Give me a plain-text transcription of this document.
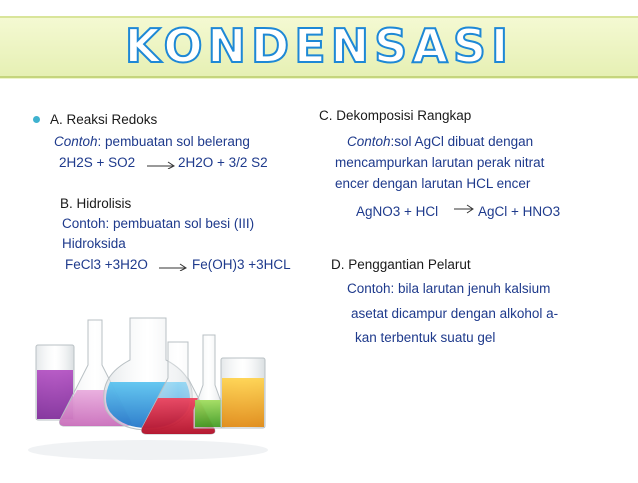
KONDENSASI
A. Reaksi Redoks
Contoh: pembuatan sol belerang
2H2S + SO2 → 2H2O + 3/2 S2
B. Hidrolisis
Contoh: pembuatan sol besi (III)
Hidroksida
FeCl3 +3H2O → Fe(OH)3 +3HCL
C. Dekomposisi Rangkap
Contoh:sol AgCl dibuat dengan
mencampurkan larutan perak nitrat
encer dengan larutan HCL encer
AgNO3 + HCl → AgCl + HNO3
D. Penggantian Pelarut
Contoh: bila larutan jenuh kalsium
asetat dicampur dengan alkohol a-
kan terbentuk suatu gel
